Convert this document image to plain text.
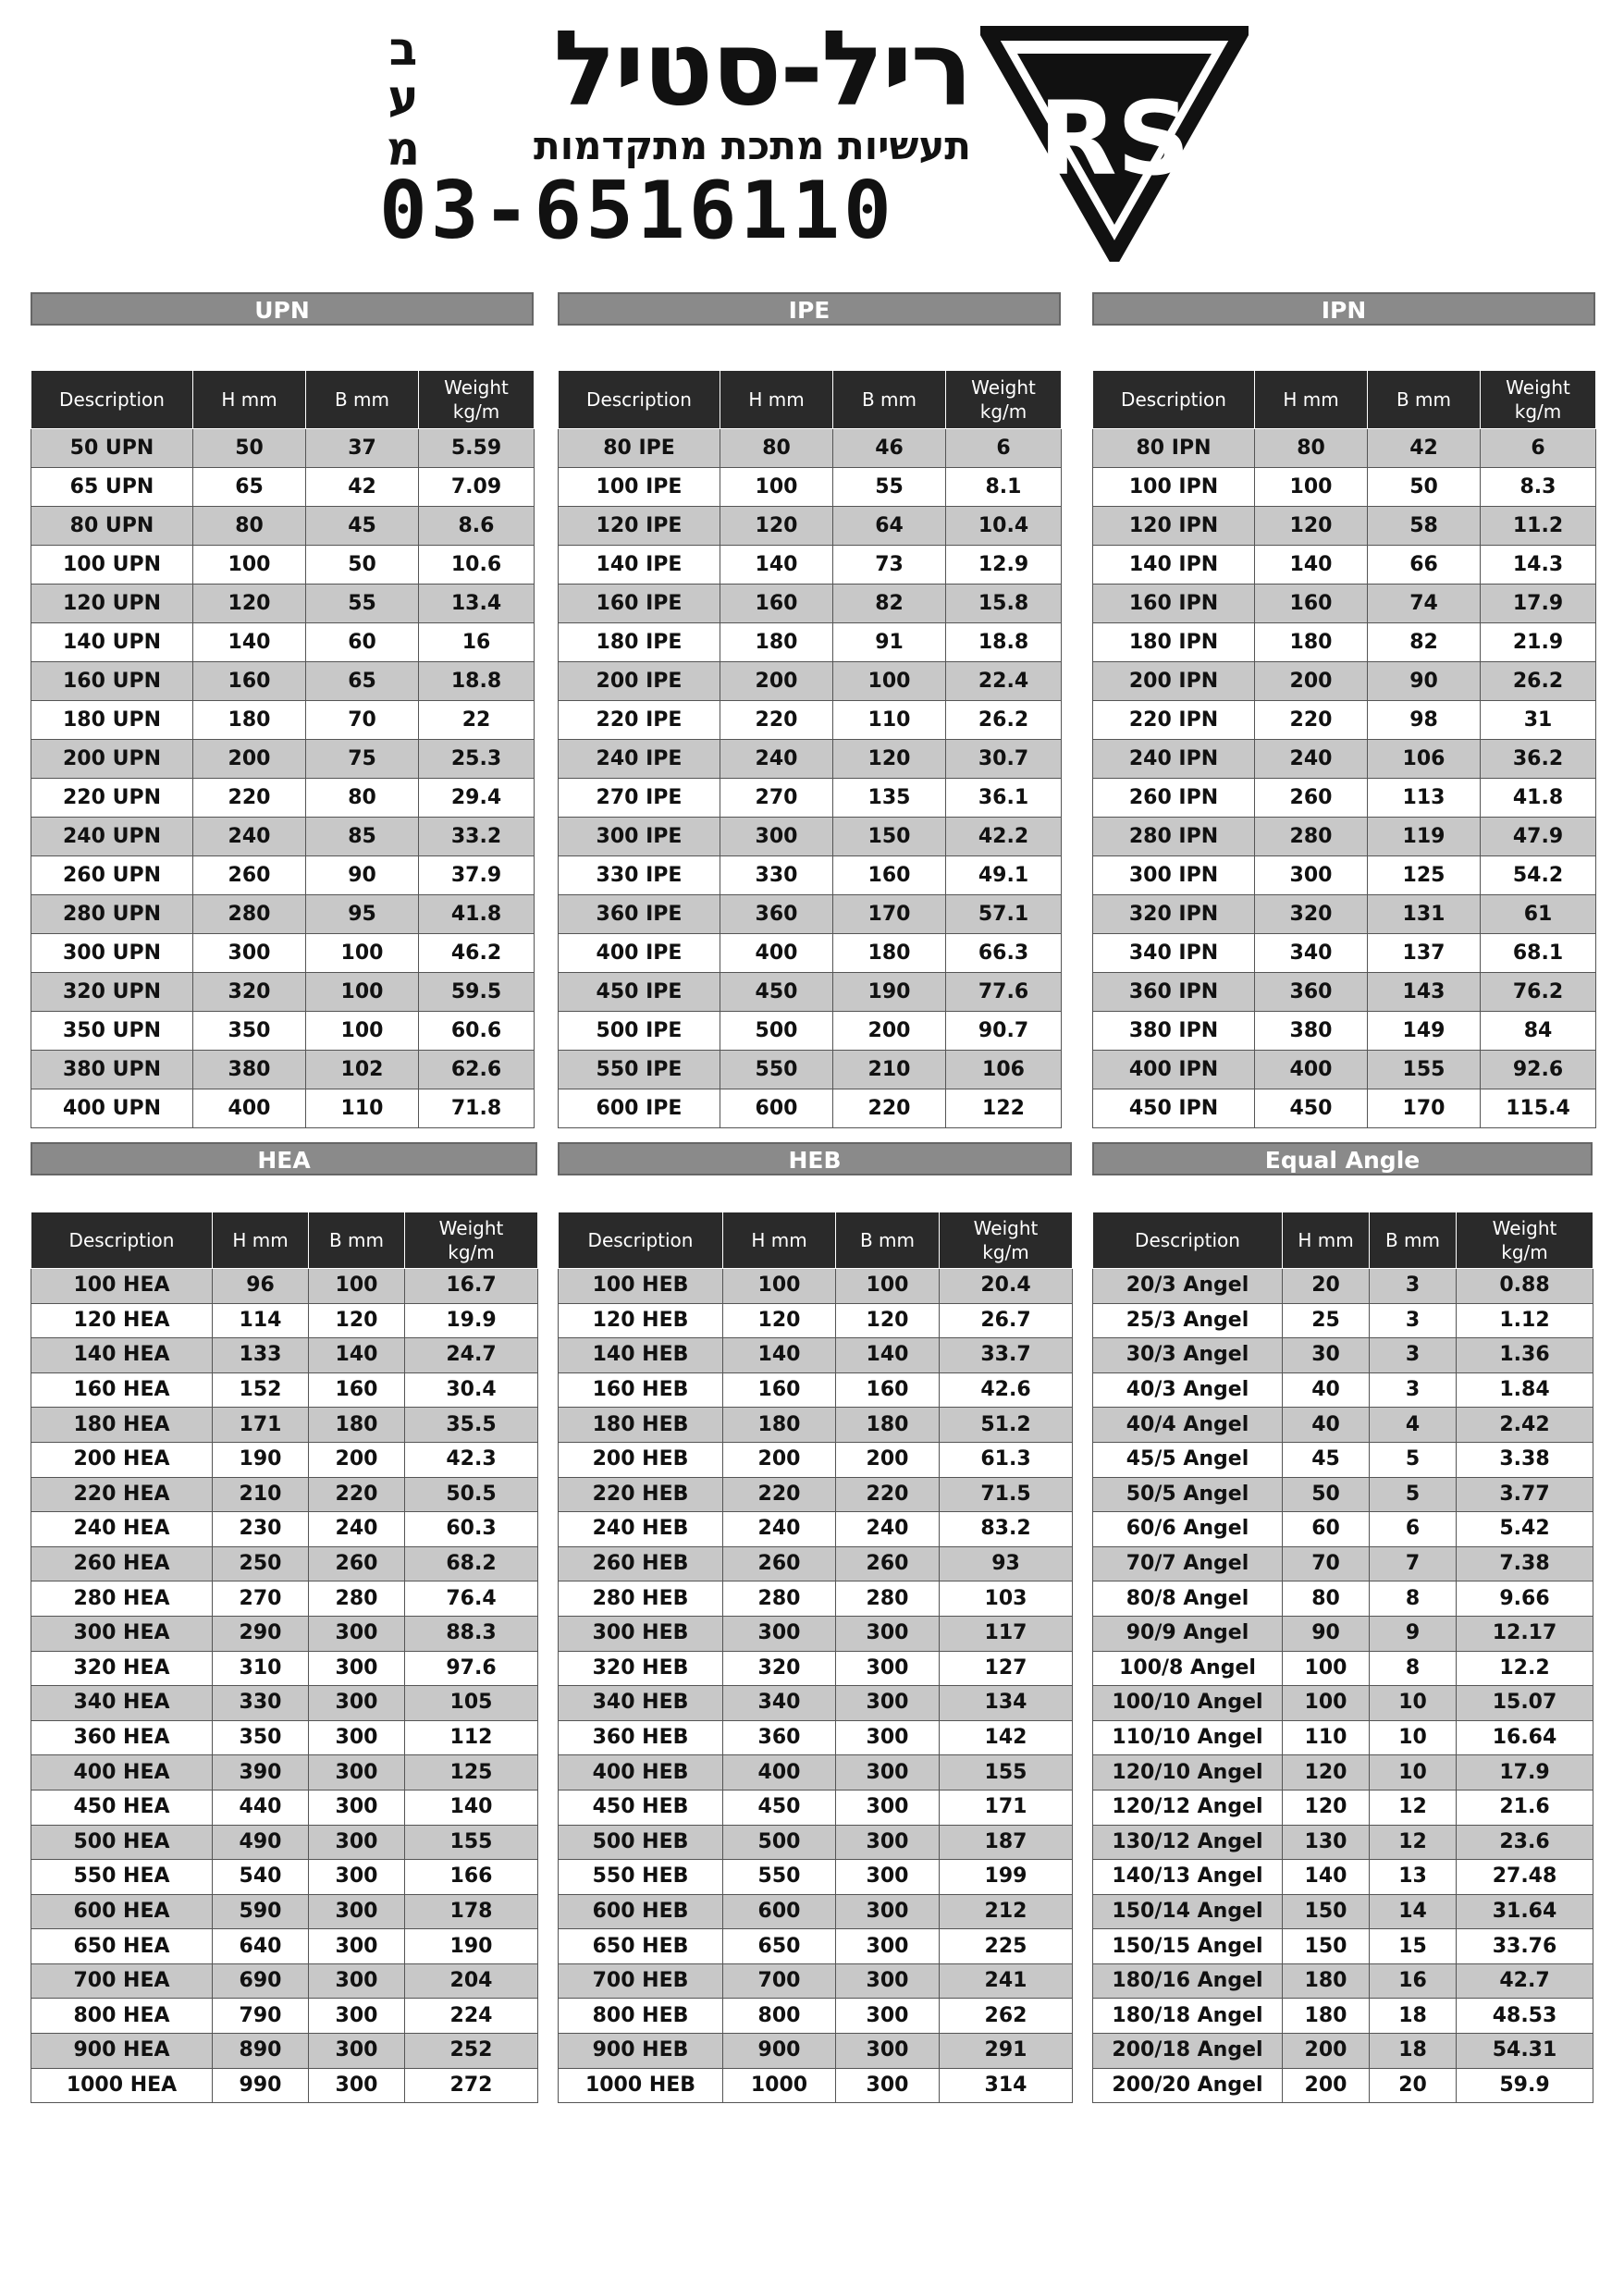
ריל-סטיל
תעשיות מתכת מתקדמות
03-6516110
ב
ע
מ	RS
UPN
Description	H mm	B mm	Weight
kg/m
50 UPN	50	37	5.59
65 UPN	65	42	7.09
80 UPN	80	45	8.6
100 UPN	100	50	10.6
120 UPN	120	55	13.4
140 UPN	140	60	16
160 UPN	160	65	18.8
180 UPN	180	70	22
200 UPN	200	75	25.3
220 UPN	220	80	29.4
240 UPN	240	85	33.2
260 UPN	260	90	37.9
280 UPN	280	95	41.8
300 UPN	300	100	46.2
320 UPN	320	100	59.5
350 UPN	350	100	60.6
380 UPN	380	102	62.6
400 UPN	400	110	71.8
IPE
Description	H mm	B mm	Weight
kg/m
80 IPE	80	46	6
100 IPE	100	55	8.1
120 IPE	120	64	10.4
140 IPE	140	73	12.9
160 IPE	160	82	15.8
180 IPE	180	91	18.8
200 IPE	200	100	22.4
220 IPE	220	110	26.2
240 IPE	240	120	30.7
270 IPE	270	135	36.1
300 IPE	300	150	42.2
330 IPE	330	160	49.1
360 IPE	360	170	57.1
400 IPE	400	180	66.3
450 IPE	450	190	77.6
500 IPE	500	200	90.7
550 IPE	550	210	106
600 IPE	600	220	122
IPN
Description	H mm	B mm	Weight
kg/m
80 IPN	80	42	6
100 IPN	100	50	8.3
120 IPN	120	58	11.2
140 IPN	140	66	14.3
160 IPN	160	74	17.9
180 IPN	180	82	21.9
200 IPN	200	90	26.2
220 IPN	220	98	31
240 IPN	240	106	36.2
260 IPN	260	113	41.8
280 IPN	280	119	47.9
300 IPN	300	125	54.2
320 IPN	320	131	61
340 IPN	340	137	68.1
360 IPN	360	143	76.2
380 IPN	380	149	84
400 IPN	400	155	92.6
450 IPN	450	170	115.4
HEA
Description	H mm	B mm	Weight
kg/m
100 HEA	96	100	16.7
120 HEA	114	120	19.9
140 HEA	133	140	24.7
160 HEA	152	160	30.4
180 HEA	171	180	35.5
200 HEA	190	200	42.3
220 HEA	210	220	50.5
240 HEA	230	240	60.3
260 HEA	250	260	68.2
280 HEA	270	280	76.4
300 HEA	290	300	88.3
320 HEA	310	300	97.6
340 HEA	330	300	105
360 HEA	350	300	112
400 HEA	390	300	125
450 HEA	440	300	140
500 HEA	490	300	155
550 HEA	540	300	166
600 HEA	590	300	178
650 HEA	640	300	190
700 HEA	690	300	204
800 HEA	790	300	224
900 HEA	890	300	252
1000 HEA	990	300	272
HEB
Description	H mm	B mm	Weight
kg/m
100 HEB	100	100	20.4
120 HEB	120	120	26.7
140 HEB	140	140	33.7
160 HEB	160	160	42.6
180 HEB	180	180	51.2
200 HEB	200	200	61.3
220 HEB	220	220	71.5
240 HEB	240	240	83.2
260 HEB	260	260	93
280 HEB	280	280	103
300 HEB	300	300	117
320 HEB	320	300	127
340 HEB	340	300	134
360 HEB	360	300	142
400 HEB	400	300	155
450 HEB	450	300	171
500 HEB	500	300	187
550 HEB	550	300	199
600 HEB	600	300	212
650 HEB	650	300	225
700 HEB	700	300	241
800 HEB	800	300	262
900 HEB	900	300	291
1000 HEB	1000	300	314
Equal Angle
Description	H mm	B mm	Weight
kg/m
20/3 Angel	20	3	0.88
25/3 Angel	25	3	1.12
30/3 Angel	30	3	1.36
40/3 Angel	40	3	1.84
40/4 Angel	40	4	2.42
45/5 Angel	45	5	3.38
50/5 Angel	50	5	3.77
60/6 Angel	60	6	5.42
70/7 Angel	70	7	7.38
80/8 Angel	80	8	9.66
90/9 Angel	90	9	12.17
100/8 Angel	100	8	12.2
100/10 Angel	100	10	15.07
110/10 Angel	110	10	16.64
120/10 Angel	120	10	17.9
120/12 Angel	120	12	21.6
130/12 Angel	130	12	23.6
140/13 Angel	140	13	27.48
150/14 Angel	150	14	31.64
150/15 Angel	150	15	33.76
180/16 Angel	180	16	42.7
180/18 Angel	180	18	48.53
200/18 Angel	200	18	54.31
200/20 Angel	200	20	59.9
